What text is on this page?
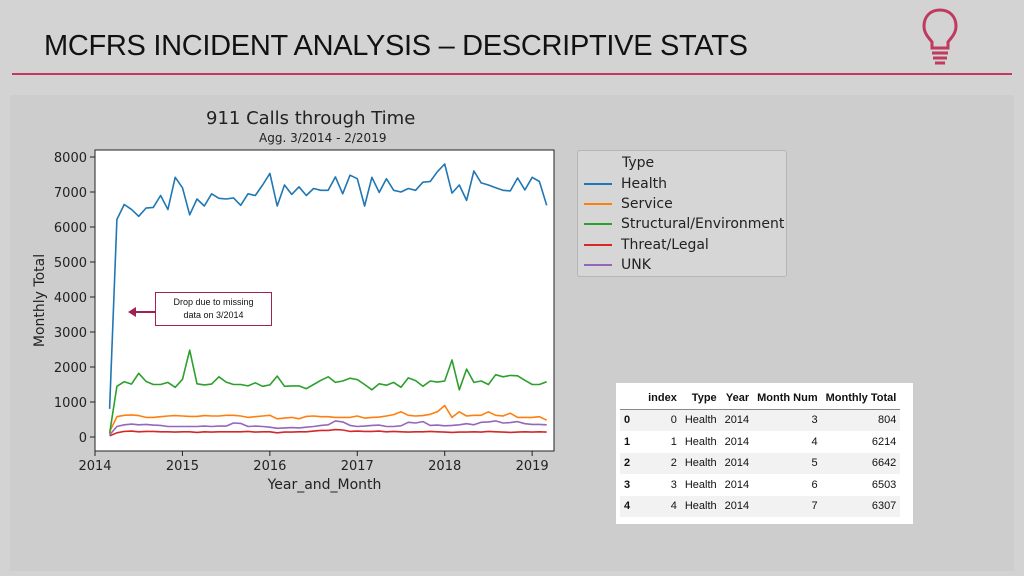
MCFRS INCIDENT ANALYSIS – DESCRIPTIVE STATS
0
1000
2000
3000
4000
5000
6000
7000
8000
2014	2015	2016	2017	2018	2019
Year_and_Month
Monthly Total
911 Calls through Time
Agg. 3/2014 - 2/2019
Type
Health
Service
Structural/Environment
Threat/Legal
UNK
Drop due to missing
data on 3/2014
	index	Type	Year	Month Num	Monthly Total
0	0	Health	2014	3	804
1	1	Health	2014	4	6214
2	2	Health	2014	5	6642
3	3	Health	2014	6	6503
4	4	Health	2014	7	6307
